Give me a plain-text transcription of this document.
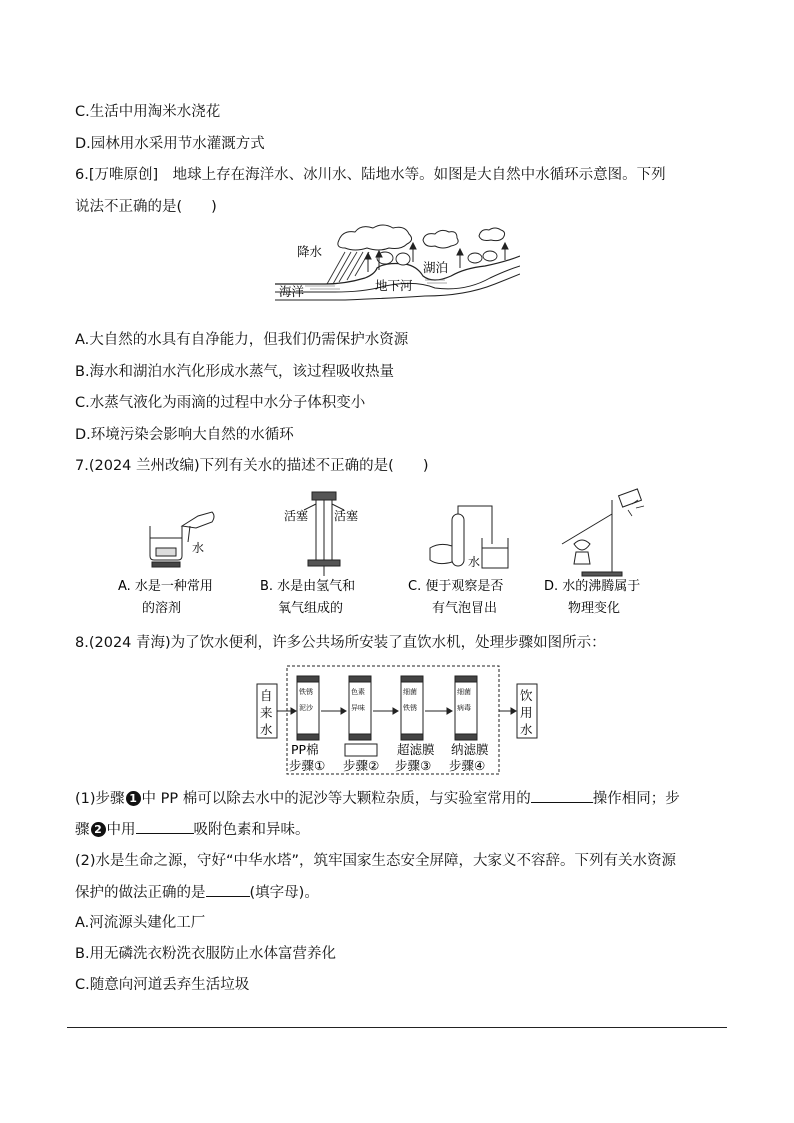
C.生活中用淘米水浇花
D.园林用水采用节水灌溉方式
6.[万唯原创]　地球上存在海洋水、冰川水、陆地水等。如图是大自然中水循环示意图。下列
说法不正确的是(　　)
降水
湖泊
海洋	地下河
A.大自然的水具有自净能力，但我们仍需保护水资源
B.海水和湖泊水汽化形成水蒸气，该过程吸收热量
C.水蒸气液化为雨滴的过程中水分子体积变小
D.环境污染会影响大自然的水循环
7.(2024 兰州改编)下列有关水的描述不正确的是(　　)
水
A. 水是一种常用
的溶剂
活塞 活塞
B. 水是由氢气和
氧气组成的
水
C. 便于观察是否
有气泡冒出
D. 水的沸腾属于
物理变化
8.(2024 青海)为了饮水便利，许多公共场所安装了直饮水机，处理步骤如图所示：
自
来
水
饮
用
水
铁锈
泥沙
色素
异味
细菌
铁锈
细菌
病毒
PP棉
步骤① 步骤②
超滤膜
步骤③
纳滤膜
步骤④
(1)步骤 1 中 PP 棉可以除去水中的泥沙等大颗粒杂质，与实验室常用的	操作相同；步
骤 2 中用	吸附色素和异味。
(2)水是生命之源，守好“中华水塔”，筑牢国家生态安全屏障，大家义不容辞。下列有关水资源
保护的做法正确的是	(填字母)。
A.河流源头建化工厂
B.用无磷洗衣粉洗衣服防止水体富营养化
C.随意向河道丢弃生活垃圾
